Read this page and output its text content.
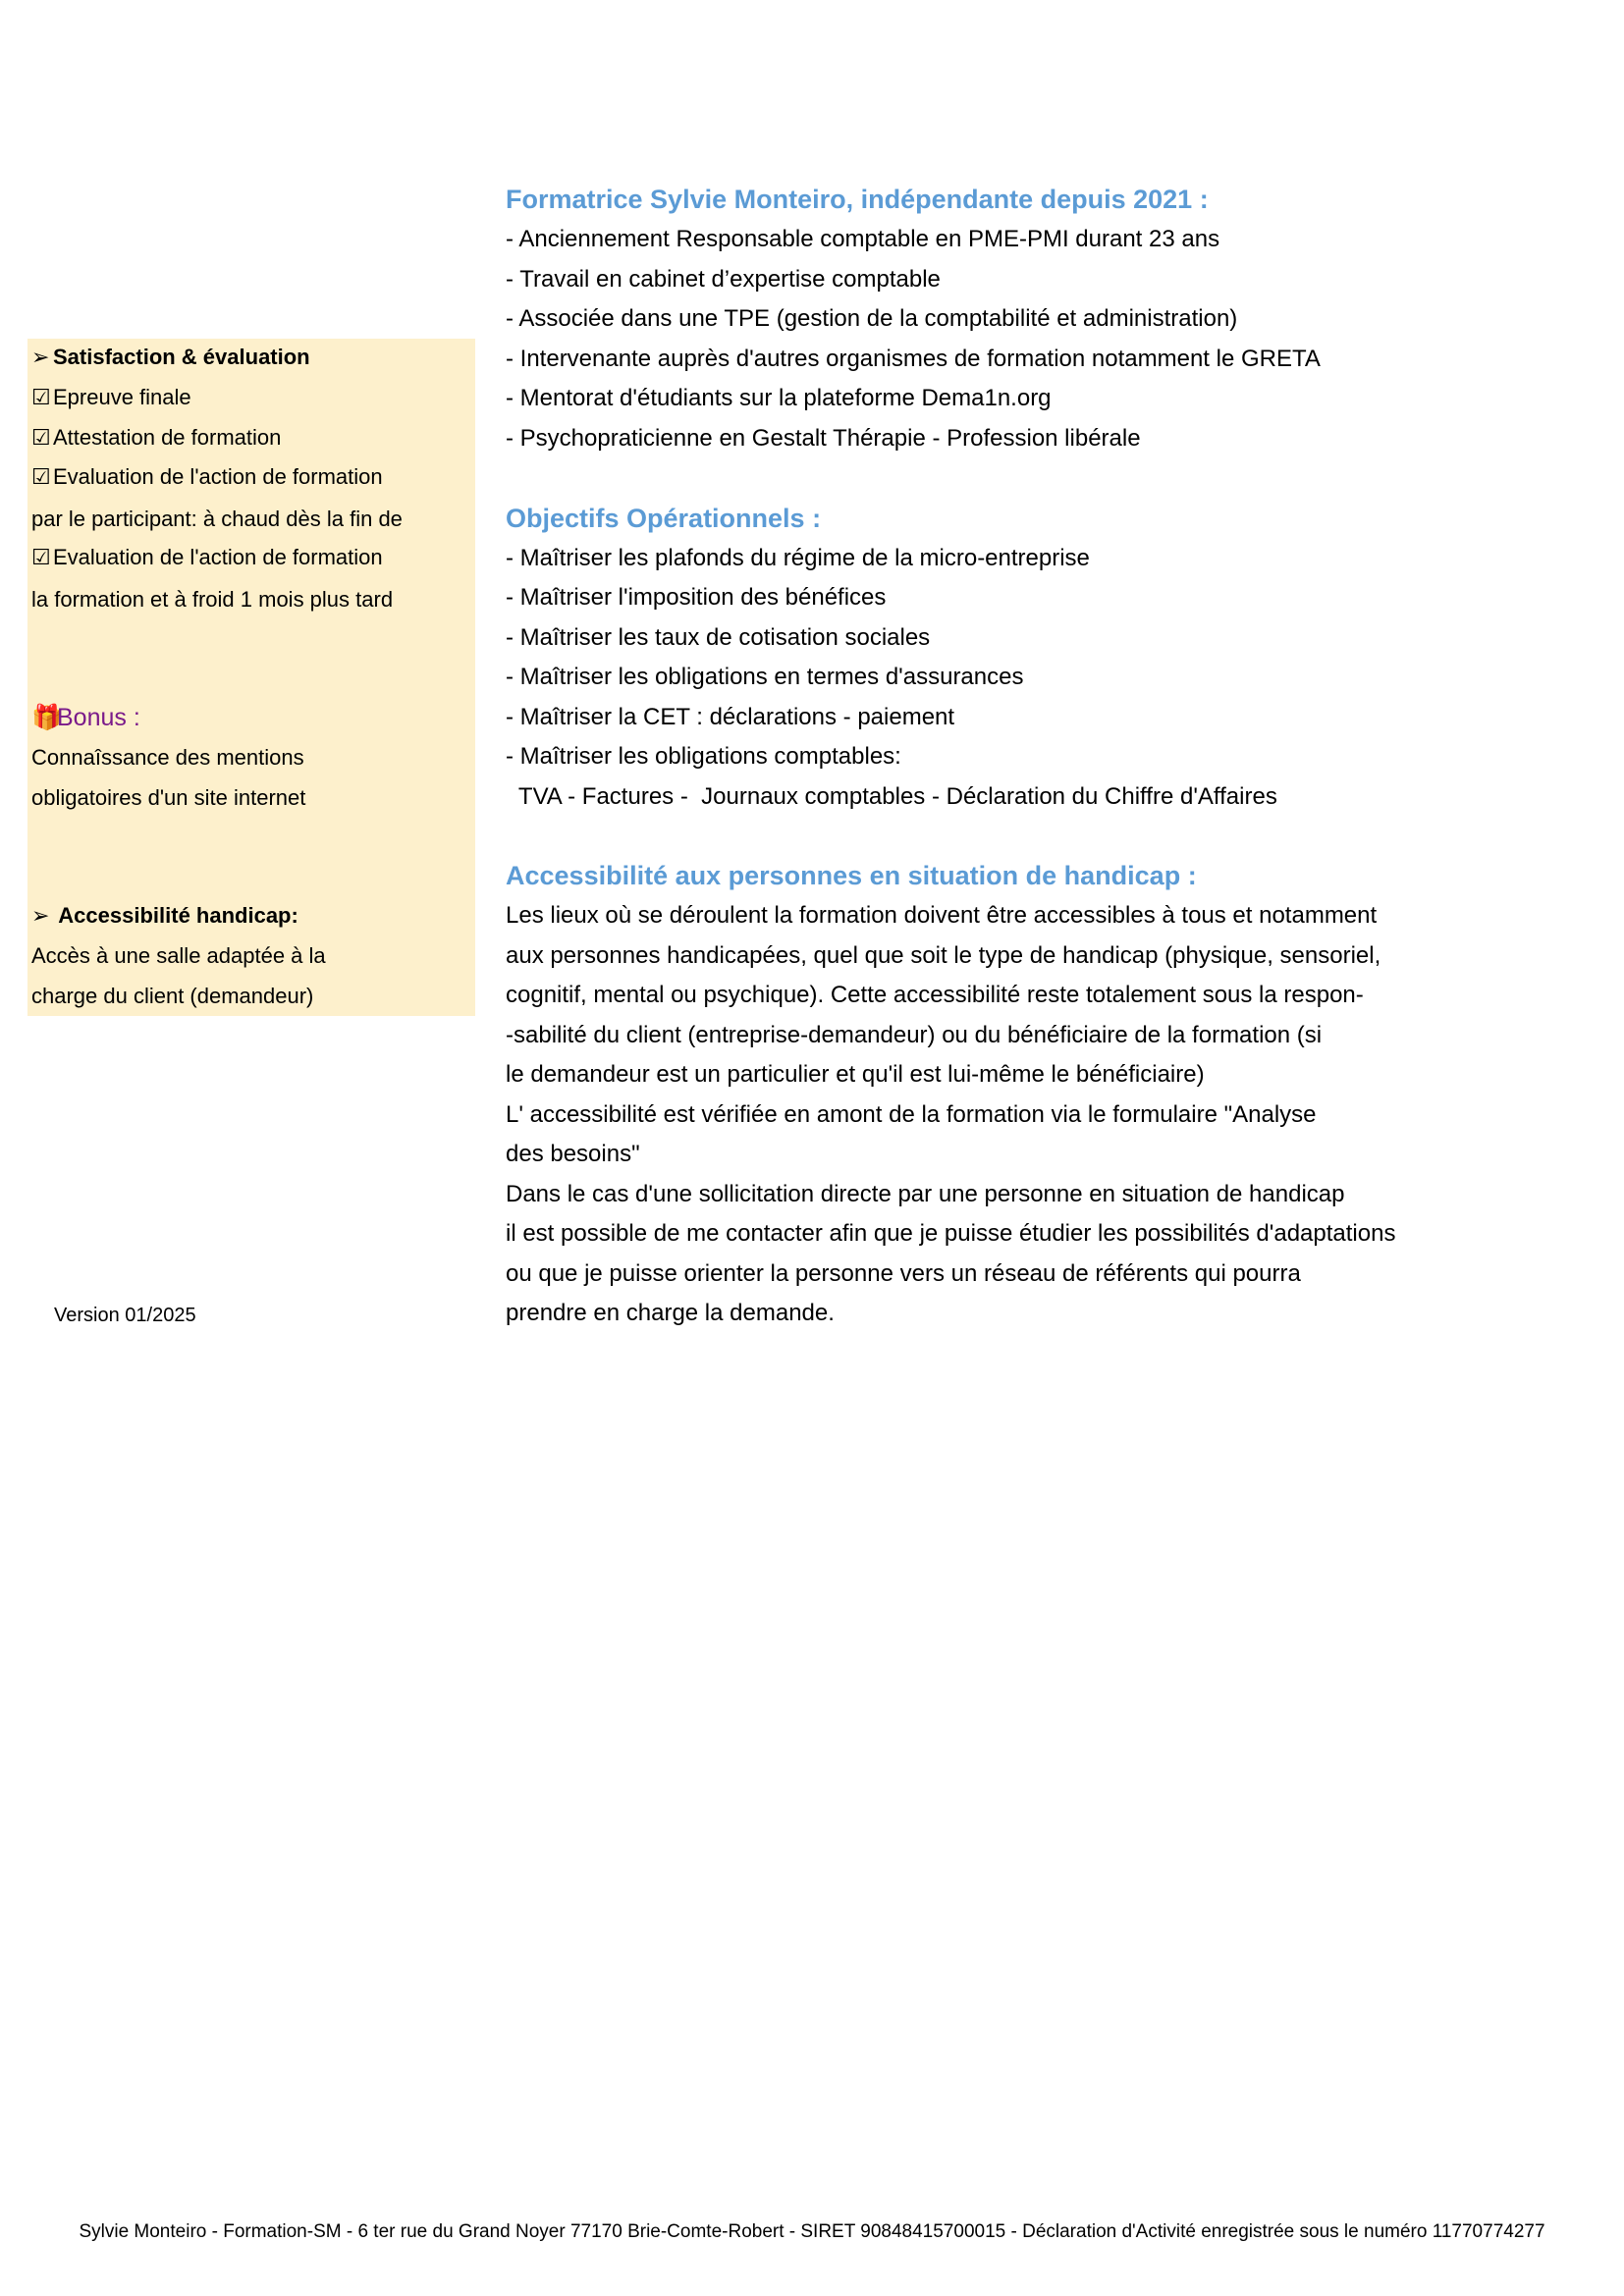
➢ Satisfaction & évaluation
☑ Epreuve finale
☑ Attestation de formation
☑ Evaluation de l'action de formation
par le participant: à chaud dès la fin de
☑ Evaluation de l'action de formation
la formation et à froid 1 mois plus tard
🎁Bonus :
Connaîssance des mentions
obligatoires d'un site internet
➢ Accessibilité handicap:
Accès à une salle adaptée à la
charge du client (demandeur)
Version 01/2025
Formatrice Sylvie Monteiro, indépendante depuis 2021 :
- Anciennement Responsable comptable en PME-PMI durant 23 ans
- Travail en cabinet d’expertise comptable
- Associée dans une TPE (gestion de la comptabilité et administration)
- Intervenante auprès d'autres organismes de formation notamment le GRETA
- Mentorat d'étudiants sur la plateforme Dema1n.org
- Psychopraticienne en Gestalt Thérapie - Profession libérale
Objectifs Opérationnels :
- Maîtriser les plafonds du régime de la micro-entreprise
- Maîtriser l'imposition des bénéfices
- Maîtriser les taux de cotisation sociales
- Maîtriser les obligations en termes d'assurances
- Maîtriser la CET : déclarations - paiement
- Maîtriser les obligations comptables:
TVA - Factures -  Journaux comptables - Déclaration du Chiffre d'Affaires
Accessibilité aux personnes en situation de handicap :
Les lieux où se déroulent la formation doivent être accessibles à tous et notamment
aux personnes handicapées, quel que soit le type de handicap (physique, sensoriel,
cognitif, mental ou psychique). Cette accessibilité reste totalement sous la respon-
-sabilité du client (entreprise-demandeur) ou du bénéficiaire de la formation (si
le demandeur est un particulier et qu'il est lui-même le bénéficiaire)
L' accessibilité est vérifiée en amont de la formation via le formulaire "Analyse
des besoins"
Dans le cas d'une sollicitation directe par une personne en situation de handicap
il est possible de me contacter afin que je puisse étudier les possibilités d'adaptations
ou que je puisse orienter la personne vers un réseau de référents qui pourra
prendre en charge la demande.
Sylvie Monteiro - Formation-SM - 6 ter rue du Grand Noyer 77170 Brie-Comte-Robert - SIRET 90848415700015 - Déclaration d'Activité enregistrée sous le numéro 11770774277
